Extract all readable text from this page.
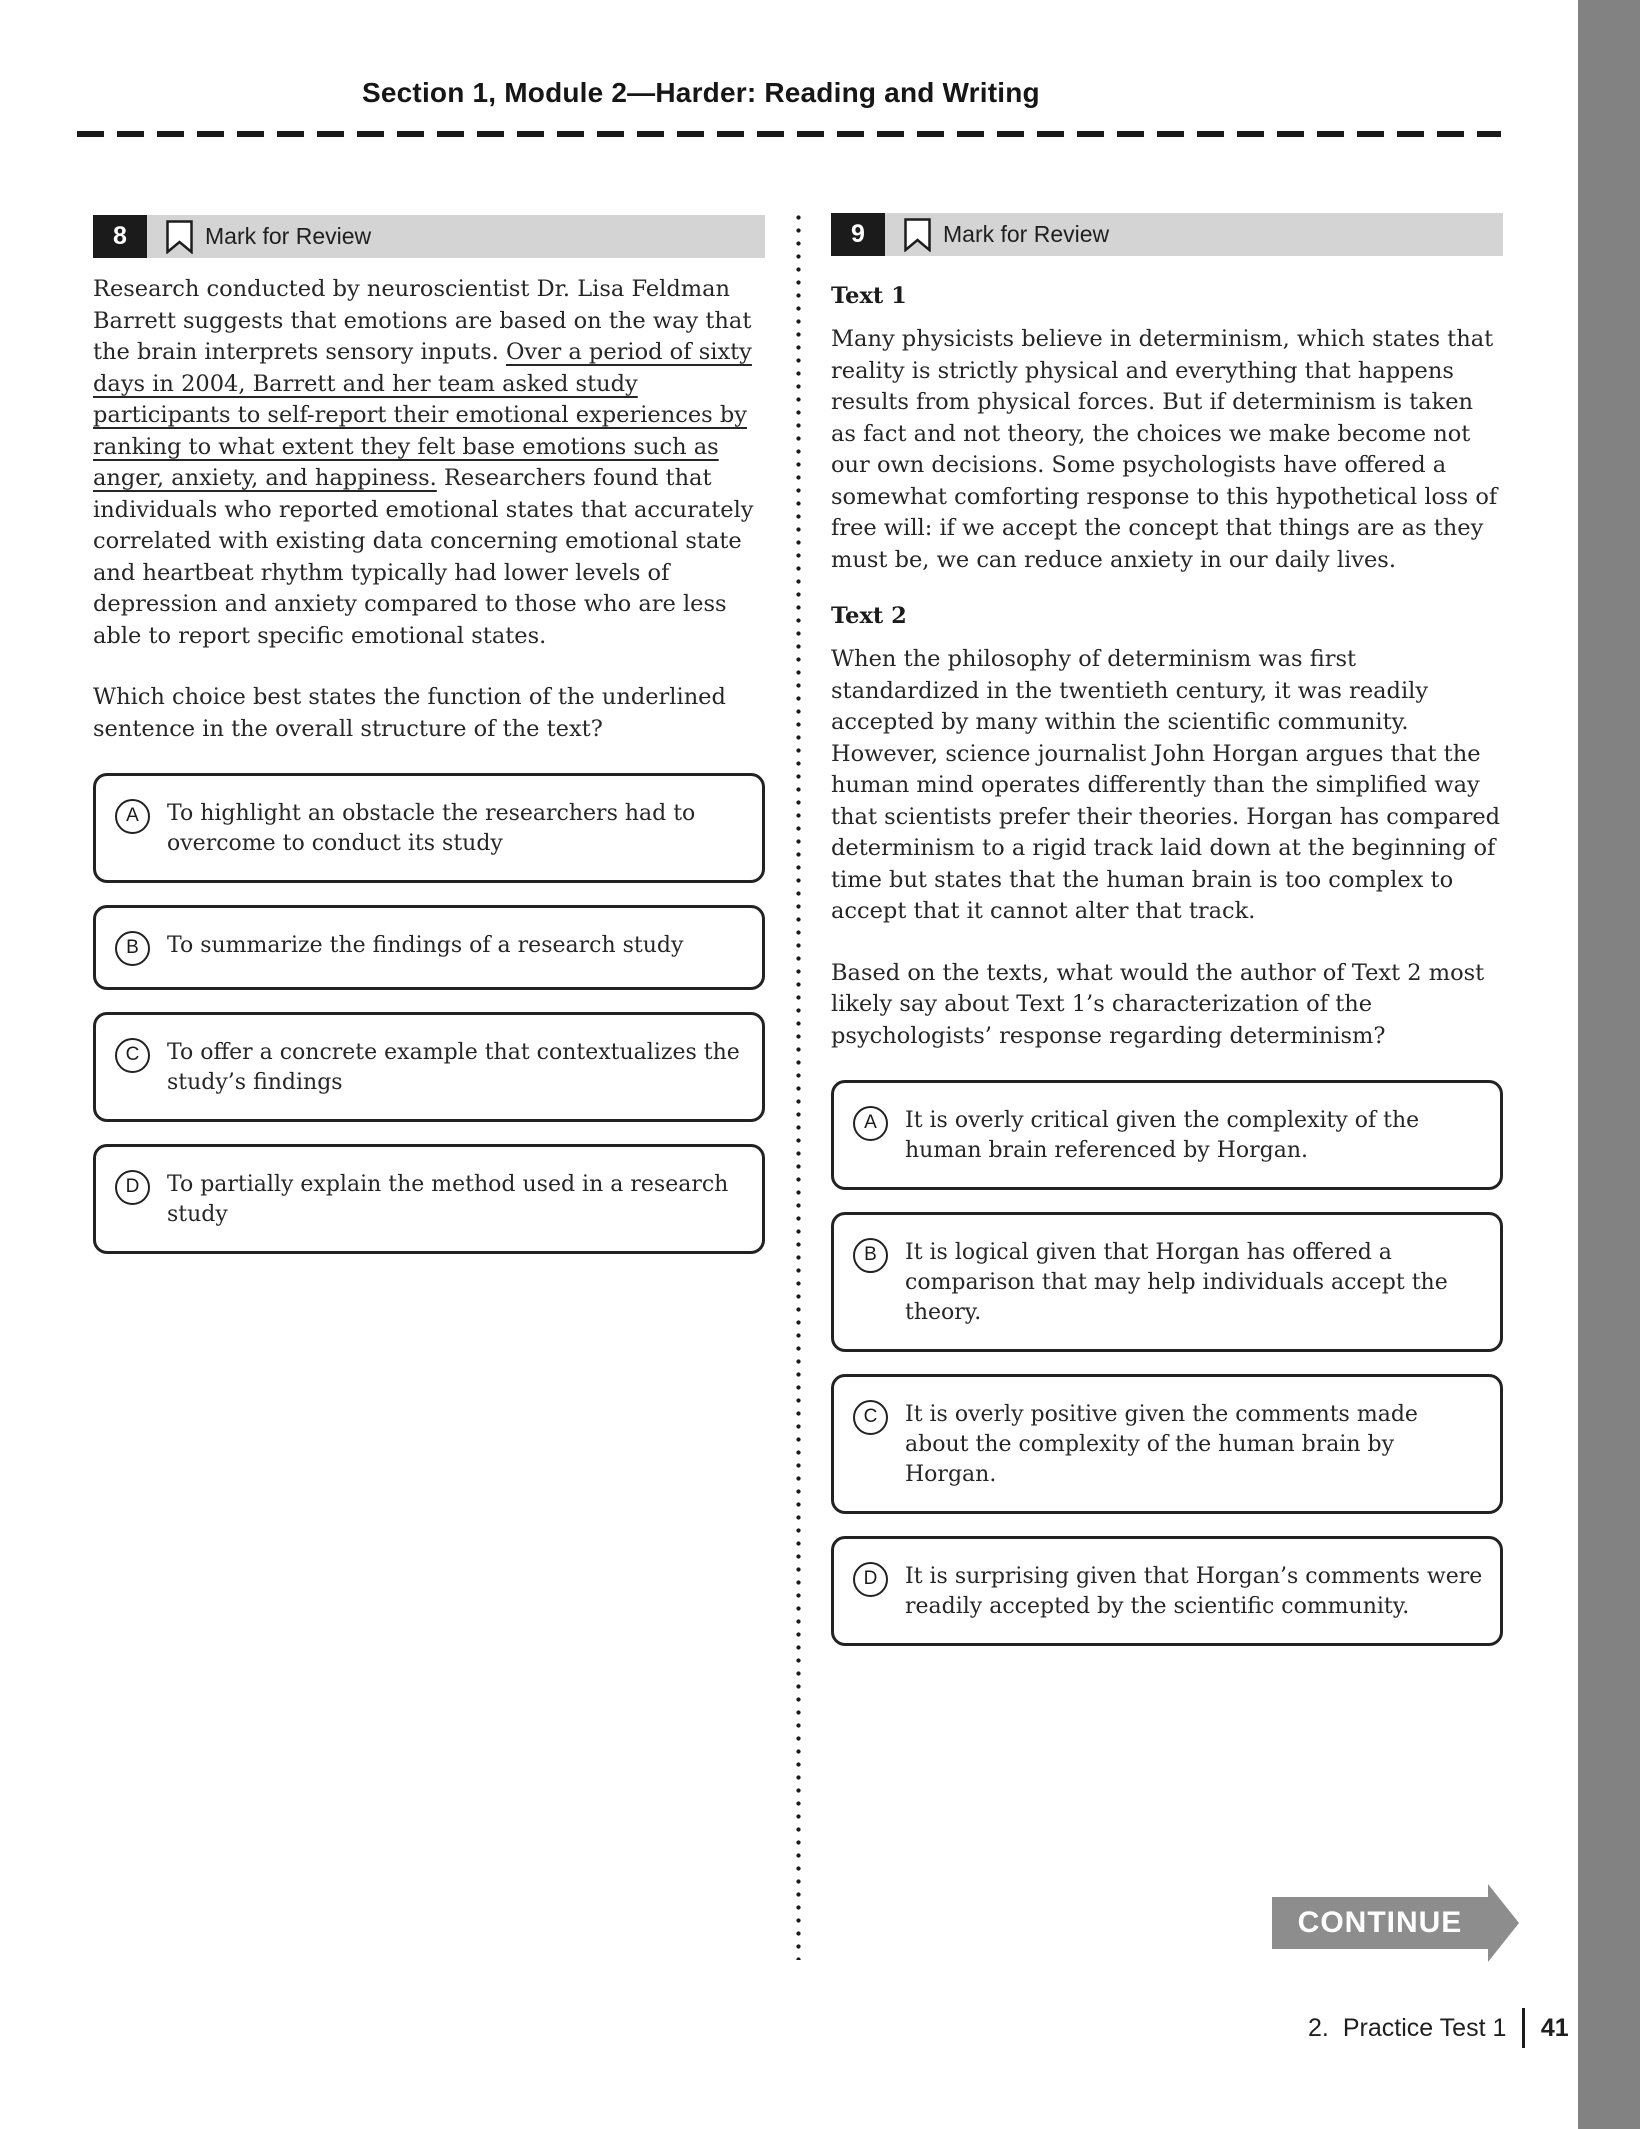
Section 1, Module 2—Harder: Reading and Writing
8	Mark for Review

Research conducted by neuroscientist Dr. Lisa Feldman Barrett suggests that emotions are based on the way that the brain interprets sensory inputs. Over a period of sixty days in 2004, Barrett and her team asked study participants to self-report their emotional experiences by ranking to what extent they felt base emotions such as anger, anxiety, and happiness. Researchers found that individuals who reported emotional states that accurately correlated with existing data concerning emotional state and heartbeat rhythm typically had lower levels of depression and anxiety compared to those who are less able to report specific emotional states.

Which choice best states the function of the underlined sentence in the overall structure of the text?

A	To highlight an obstacle the researchers had to overcome to conduct its study
B	To summarize the findings of a research study
C	To offer a concrete example that contextualizes the study’s findings
D	To partially explain the method used in a research study
9	Mark for Review

Text 1

Many physicists believe in determinism, which states that reality is strictly physical and everything that happens results from physical forces. But if determinism is taken as fact and not theory, the choices we make become not our own decisions. Some psychologists have offered a somewhat comforting response to this hypothetical loss of free will: if we accept the concept that things are as they must be, we can reduce anxiety in our daily lives.

Text 2

When the philosophy of determinism was first standardized in the twentieth century, it was readily accepted by many within the scientific community. However, science journalist John Horgan argues that the human mind operates differently than the simplified way that scientists prefer their theories. Horgan has compared determinism to a rigid track laid down at the beginning of time but states that the human brain is too complex to accept that it cannot alter that track.

Based on the texts, what would the author of Text 2 most likely say about Text 1’s characterization of the psychologists’ response regarding determinism?

A	It is overly critical given the complexity of the human brain referenced by Horgan.
B	It is logical given that Horgan has offered a comparison that may help individuals accept the theory.
C	It is overly positive given the comments made about the complexity of the human brain by Horgan.
D	It is surprising given that Horgan’s comments were readily accepted by the scientific community.
CONTINUE
2. Practice Test 1 41
